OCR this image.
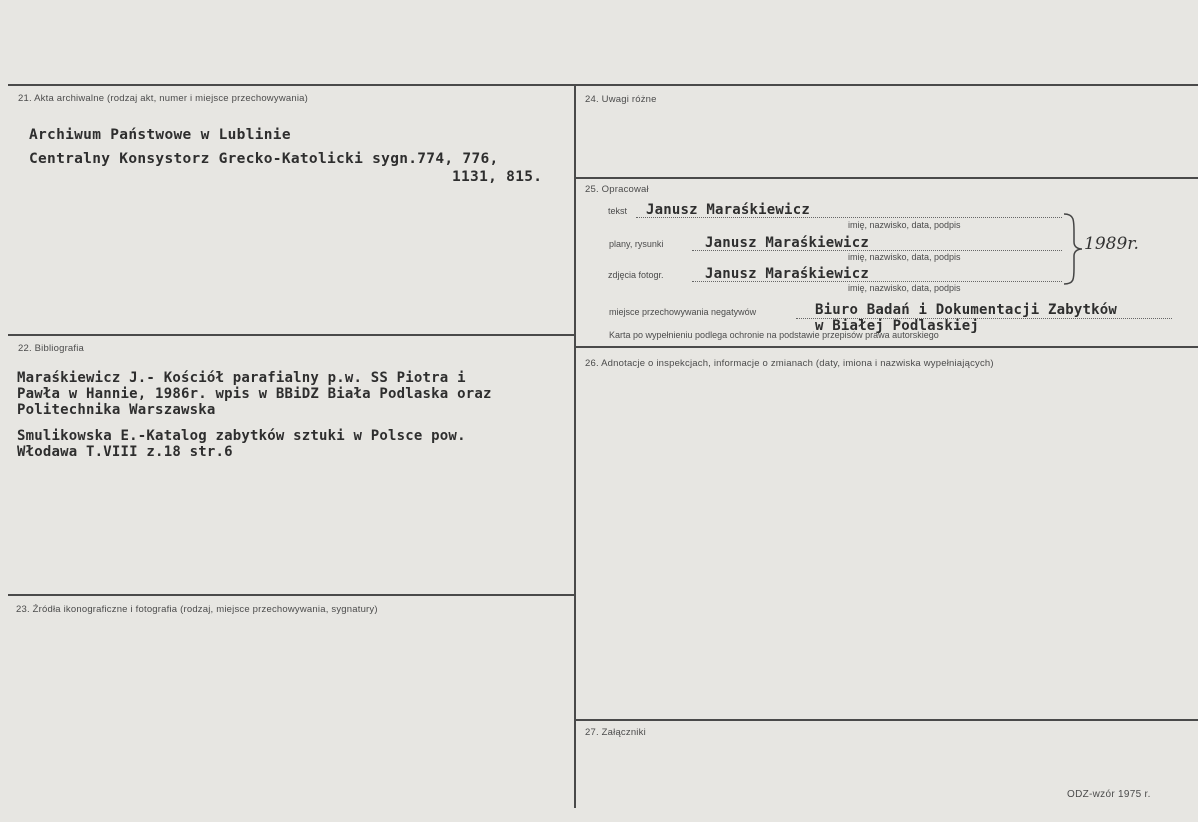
21. Akta archiwalne (rodzaj akt, numer i miejsce przechowywania)
Archiwum Państwowe w Lublinie
Centralny Konsystorz Grecko-Katolicki sygn.774, 776,
1131, 815.
22. Bibliografia
Maraśkiewicz J.- Kościół parafialny p.w. SS Piotra i
Pawła w Hannie, 1986r. wpis w BBiDZ Biała Podlaska oraz
Politechnika Warszawska
Smulikowska E.-Katalog zabytków sztuki w Polsce pow.
Włodawa T.VIII z.18 str.6
23. Źródła ikonograficzne i fotografia (rodzaj, miejsce przechowywania, sygnatury)
24. Uwagi różne
25. Opracował
tekst Janusz Maraśkiewicz
imię, nazwisko, data, podpis
plany, rysunki	Janusz Maraśkiewicz
imię, nazwisko, data, podpis
zdjęcia fotogr.	Janusz Maraśkiewicz
imię, nazwisko, data, podpis
1989r.
miejsce przechowywania negatywów	Biuro Badań i Dokumentacji Zabytków
Karta po wypełnieniu podlega ochronie na podstawie przepisów prawa autorskiego
w Białej Podlaskiej
26. Adnotacje o inspekcjach, informacje o zmianach (daty, imiona i nazwiska wypełniających)
27. Załączniki
ODZ-wzór 1975 r.
